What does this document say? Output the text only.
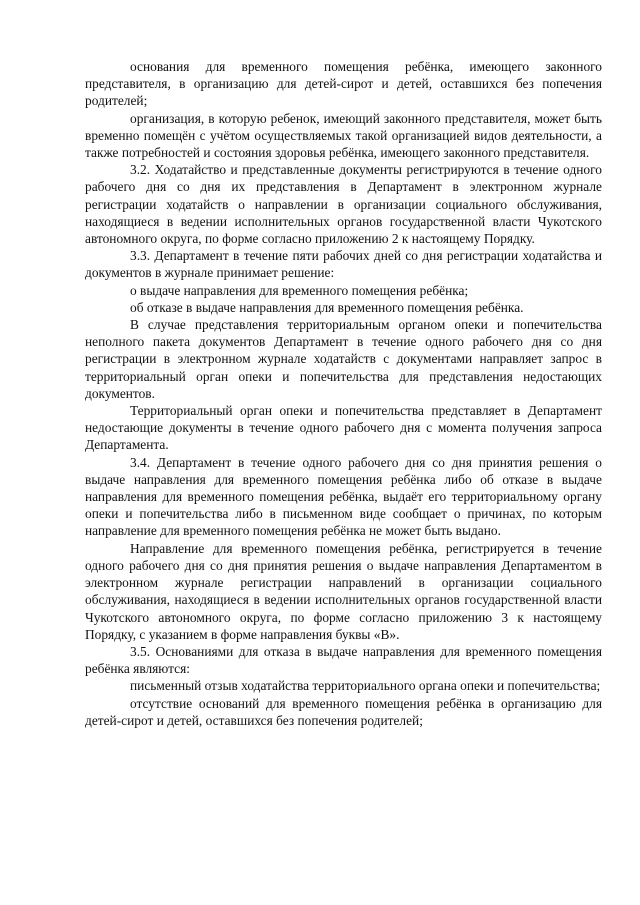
основания для временного помещения ребёнка, имеющего законного представителя, в организацию для детей-сирот и детей, оставшихся без попечения родителей;

организация, в которую ребенок, имеющий законного представителя, может быть временно помещён с учётом осуществляемых такой организацией видов деятельности, а также потребностей и состояния здоровья ребёнка, имеющего законного представителя.

3.2. Ходатайство и представленные документы регистрируются в течение одного рабочего дня со дня их представления в Департамент в электронном журнале регистрации ходатайств о направлении в организации социального обслуживания, находящиеся в ведении исполнительных органов государственной власти Чукотского автономного округа, по форме согласно приложению 2 к настоящему Порядку.

3.3. Департамент в течение пяти рабочих дней со дня регистрации ходатайства и документов в журнале принимает решение:

о выдаче направления для временного помещения ребёнка;

об отказе в выдаче направления для временного помещения ребёнка.

В случае представления территориальным органом опеки и попечительства неполного пакета документов Департамент в течение одного рабочего дня со дня регистрации в электронном журнале ходатайств с документами направляет запрос в территориальный орган опеки и попечительства для представления недостающих документов.

Территориальный орган опеки и попечительства представляет в Департамент недостающие документы в течение одного рабочего дня с момента получения запроса Департамента.

3.4. Департамент в течение одного рабочего дня со дня принятия решения о выдаче направления для временного помещения ребёнка либо об отказе в выдаче направления для временного помещения ребёнка, выдаёт его территориальному органу опеки и попечительства либо в письменном виде сообщает о причинах, по которым направление для временного помещения ребёнка не может быть выдано.

Направление для временного помещения ребёнка, регистрируется в течение одного рабочего дня со дня принятия решения о выдаче направления Департаментом в электронном журнале регистрации направлений в организации социального обслуживания, находящиеся в ведении исполнительных органов государственной власти Чукотского автономного округа, по форме согласно приложению 3 к настоящему Порядку, с указанием в форме направления буквы «В».

3.5. Основаниями для отказа в выдаче направления для временного помещения ребёнка являются:

письменный отзыв ходатайства территориального органа опеки и попечительства;

отсутствие оснований для временного помещения ребёнка в организацию для детей-сирот и детей, оставшихся без попечения родителей;
